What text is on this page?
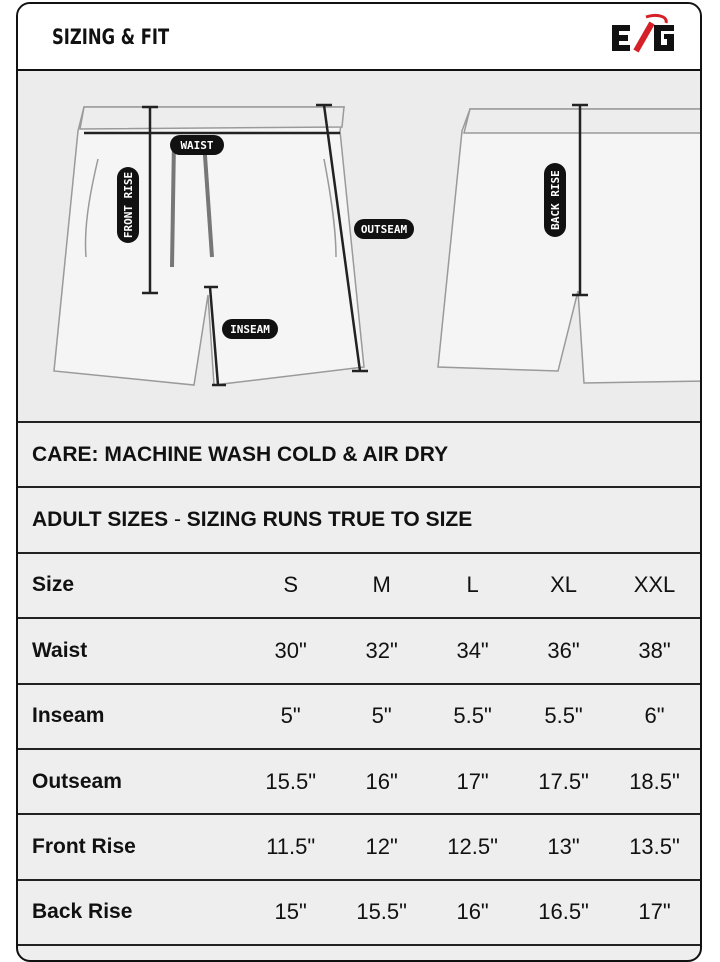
SIZING & FIT
WAIST
FRONT RISE	OUTSEAM
INSEAM
BACK RISE
CARE: MACHINE WASH COLD & AIR DRY
ADULT SIZES - SIZING RUNS TRUE TO SIZE
Size	S	M	L	XL	XXL
Waist	30"	32"	34"	36"	38"
Inseam	5"	5"	5.5"	5.5"	6"
Outseam	15.5"	16"	17"	17.5"	18.5"
Front Rise	11.5"	12"	12.5"	13"	13.5"
Back Rise	15"	15.5"	16"	16.5"	17"
